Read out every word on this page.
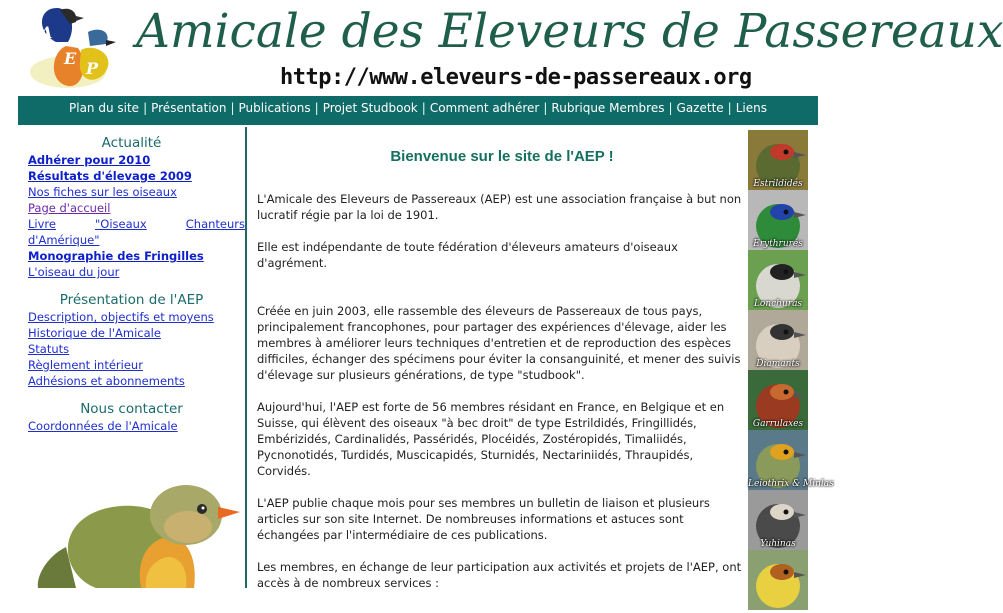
A
E
P
Amicale des Eleveurs de Passereaux
http://www.eleveurs-de-passereaux.org
Plan du site | Présentation | Publications | Projet Studbook | Comment adhérer | Rubrique Membres | Gazette | Liens
Actualité
Adhérer pour 2010
Résultats d'élevage 2009
Nos fiches sur les oiseaux
Page d'accueil
Livre	"Oiseaux	Chanteurs
d'Amérique"
Monographie des Fringilles
L'oiseau du jour
Présentation de l'AEP
Description, objectifs et moyens
Historique de l'Amicale
Statuts
Règlement intérieur
Adhésions et abonnements
Nous contacter
Coordonnées de l'Amicale
Bienvenue sur le site de l'AEP !

L'Amicale des Eleveurs de Passereaux (AEP) est une association française à but non lucratif régie par la loi de 1901.

Elle est indépendante de toute fédération d'éleveurs amateurs d'oiseaux d'agrément.

Créée en juin 2003, elle rassemble des éleveurs de Passereaux de tous pays, principalement francophones, pour partager des expériences d'élevage, aider les membres à améliorer leurs techniques d'entretien et de reproduction des espèces difficiles, échanger des spécimens pour éviter la consanguinité, et mener des suivis d'élevage sur plusieurs générations, de type "studbook".

Aujourd'hui, l'AEP est forte de 56 membres résidant en France, en Belgique et en Suisse, qui élèvent des oiseaux "à bec droit" de type Estrildidés, Fringillidés, Embérizidés, Cardinalidés, Passéridés, Plocéidés, Zostéropidés, Timaliidés, Pycnonotidés, Turdidés, Muscicapidés, Sturnidés, Nectariniidés, Thraupidés, Corvidés.

L'AEP publie chaque mois pour ses membres un bulletin de liaison et plusieurs articles sur son site Internet. De nombreuses informations et astuces sont échangées par l'intermédiaire de ces publications.

Les membres, en échange de leur participation aux activités et projets de l'AEP, ont accès à de nombreux services :

Estrildidés
Erythrurés
Lonchuras
Diamants
Garrulaxes
Leiothrix & Minlas
Yuhinas
